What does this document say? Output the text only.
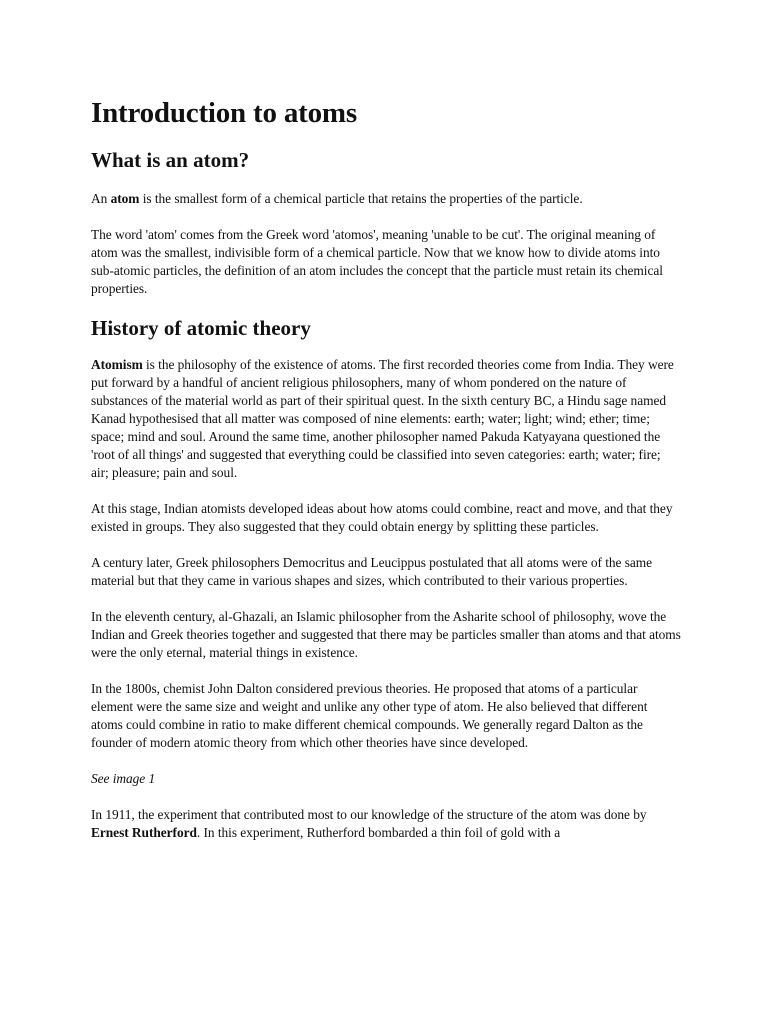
Introduction to atoms
What is an atom?

An atom is the smallest form of a chemical particle that retains the properties of the particle.

The word 'atom' comes from the Greek word 'atomos', meaning 'unable to be cut'. The original meaning of atom was the smallest, indivisible form of a chemical particle. Now that we know how to divide atoms into sub-atomic particles, the definition of an atom includes the concept that the particle must retain its chemical properties.

History of atomic theory

Atomism is the philosophy of the existence of atoms. The first recorded theories come from India. They were put forward by a handful of ancient religious philosophers, many of whom pondered on the nature of substances of the material world as part of their spiritual quest. In the sixth century BC, a Hindu sage named Kanad hypothesised that all matter was composed of nine elements: earth; water; light; wind; ether; time; space; mind and soul. Around the same time, another philosopher named Pakuda Katyayana questioned the 'root of all things' and suggested that everything could be classified into seven categories: earth; water; fire; air; pleasure; pain and soul.

At this stage, Indian atomists developed ideas about how atoms could combine, react and move, and that they existed in groups. They also suggested that they could obtain energy by splitting these particles.

A century later, Greek philosophers Democritus and Leucippus postulated that all atoms were of the same material but that they came in various shapes and sizes, which contributed to their various properties.

In the eleventh century, al-Ghazali, an Islamic philosopher from the Asharite school of philosophy, wove the Indian and Greek theories together and suggested that there may be particles smaller than atoms and that atoms were the only eternal, material things in existence.

In the 1800s, chemist John Dalton considered previous theories. He proposed that atoms of a particular element were the same size and weight and unlike any other type of atom. He also believed that different atoms could combine in ratio to make different chemical compounds. We generally regard Dalton as the founder of modern atomic theory from which other theories have since developed.

See image 1

In 1911, the experiment that contributed most to our knowledge of the structure of the atom was done by Ernest Rutherford. In this experiment, Rutherford bombarded a thin foil of gold with a
